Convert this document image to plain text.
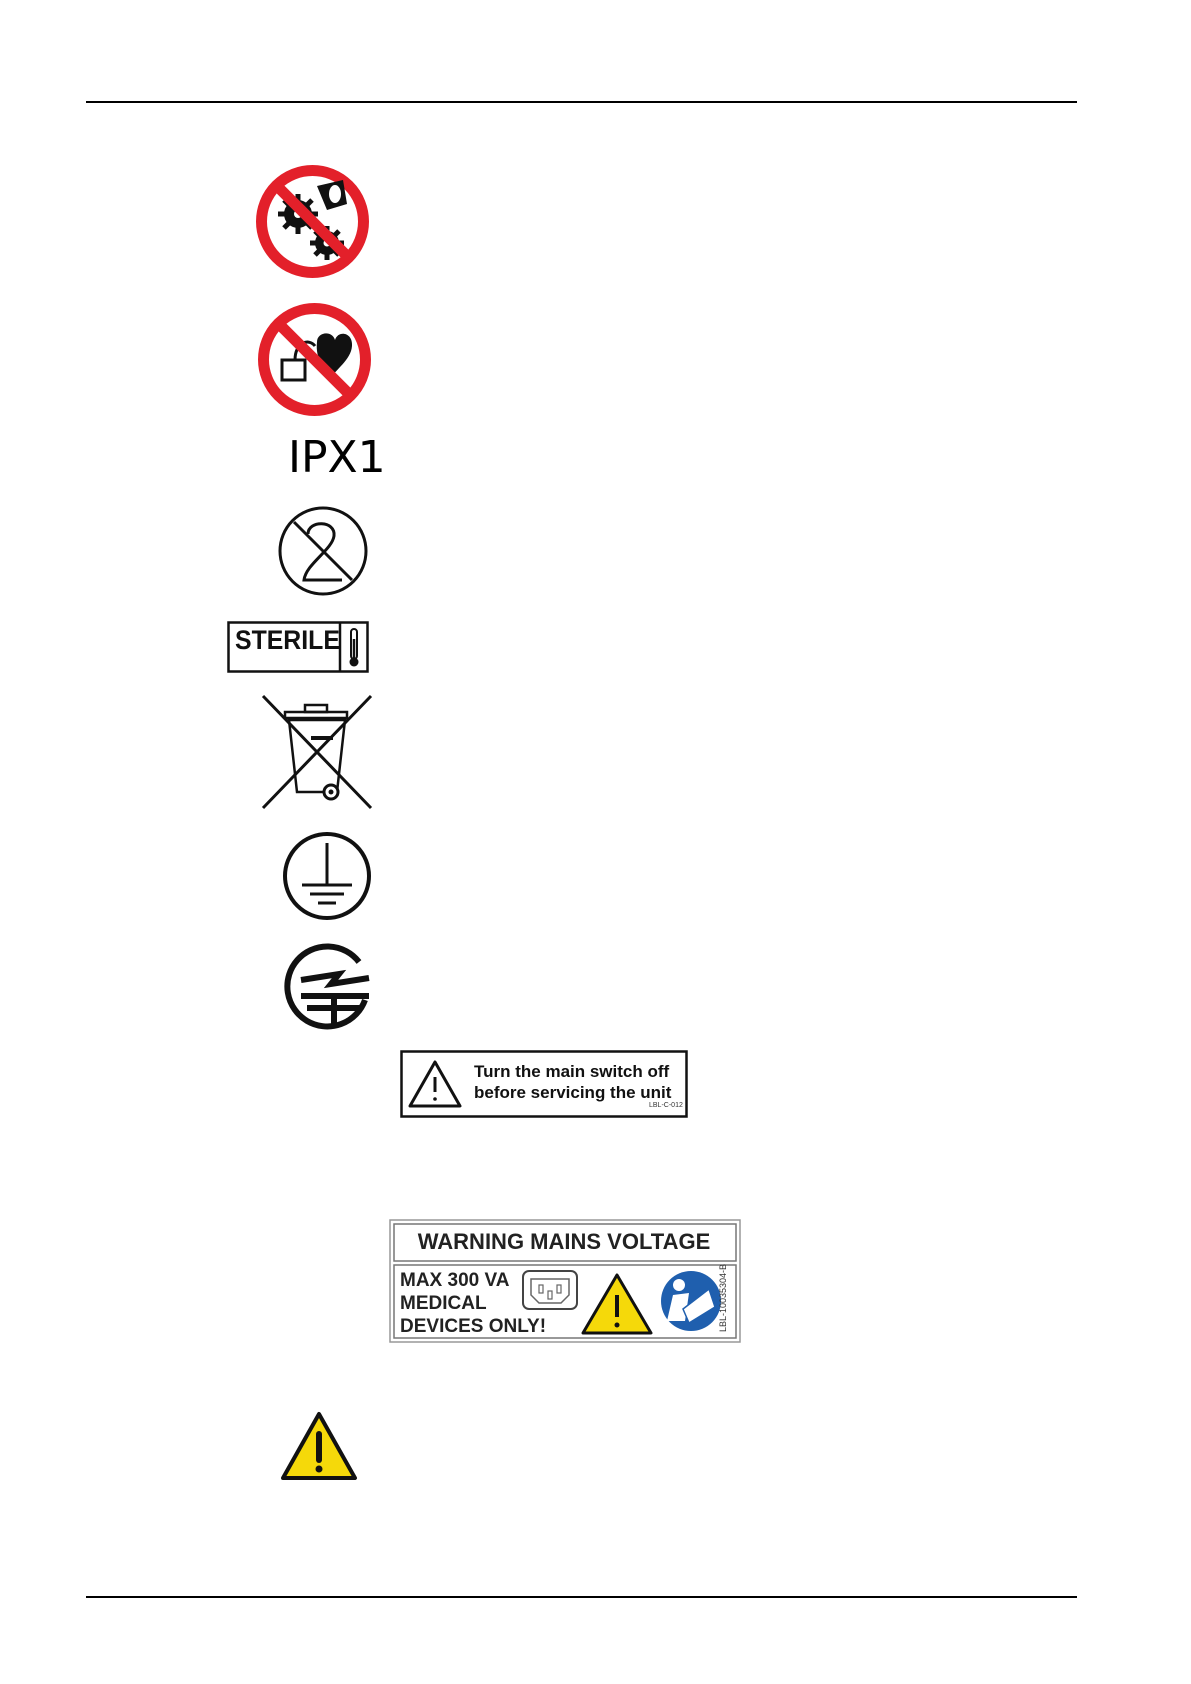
IPX1
STERILE
Turn the main switch off
before servicing the unit
LBL-C-012
WARNING MAINS VOLTAGE
MAX 300 VA
MEDICAL
DEVICES ONLY!	LBL-10035304-B
